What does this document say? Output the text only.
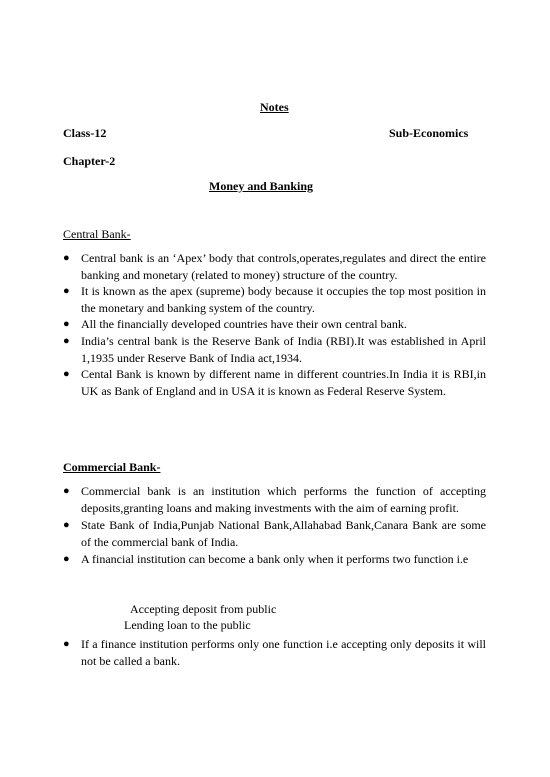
Notes
Class-12	Sub-Economics
Chapter-2
Money and Banking
Central Bank-
● Central bank is an ‘Apex’ body that controls,operates,regulates and direct the entire banking and monetary (related to money) structure of the country.
● It is known as the apex (supreme) body because it occupies the top most position in the monetary and banking system of the country.
● All the financially developed countries have their own central bank.
● India’s central bank is the Reserve Bank of India (RBI).It was established in April 1,1935 under Reserve Bank of India act,1934.
● Cental Bank is known by different name in different countries.In India it is RBI,in UK as Bank of England and in USA it is known as Federal Reserve System.
Commercial Bank-
● Commercial bank is an institution which performs the function of accepting deposits,granting loans and making investments with the aim of earning profit.
● State Bank of India,Punjab National Bank,Allahabad Bank,Canara Bank are some of the commercial bank of India.
● A financial institution can become a bank only when it performs two function i.e
Accepting deposit from public
Lending loan to the public
● If a finance institution performs only one function i.e accepting only deposits it will not be called a bank.
